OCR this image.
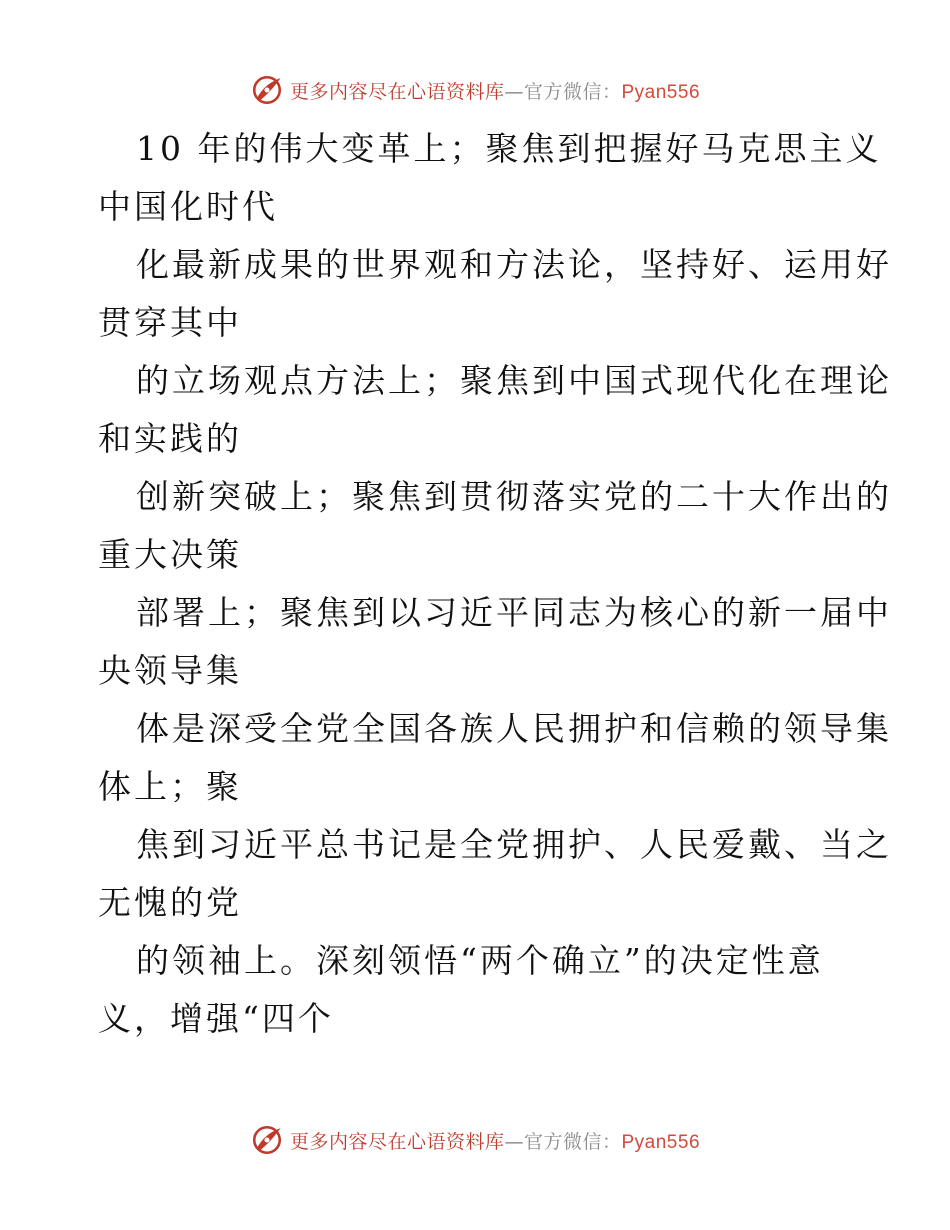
更多内容尽在心语资料库—官方微信：Pyan556
10 年的伟大变革上；聚焦到把握好马克思主义
中国化时代
化最新成果的世界观和方法论，坚持好、运用好
贯穿其中
的立场观点方法上；聚焦到中国式现代化在理论
和实践的
创新突破上；聚焦到贯彻落实党的二十大作出的
重大决策
部署上；聚焦到以习近平同志为核心的新一届中
央领导集
体是深受全党全国各族人民拥护和信赖的领导集
体上；聚
焦到习近平总书记是全党拥护、人民爱戴、当之
无愧的党
的领袖上。深刻领悟“两个确立”的决定性意
义，增强“四个
更多内容尽在心语资料库—官方微信：Pyan556
